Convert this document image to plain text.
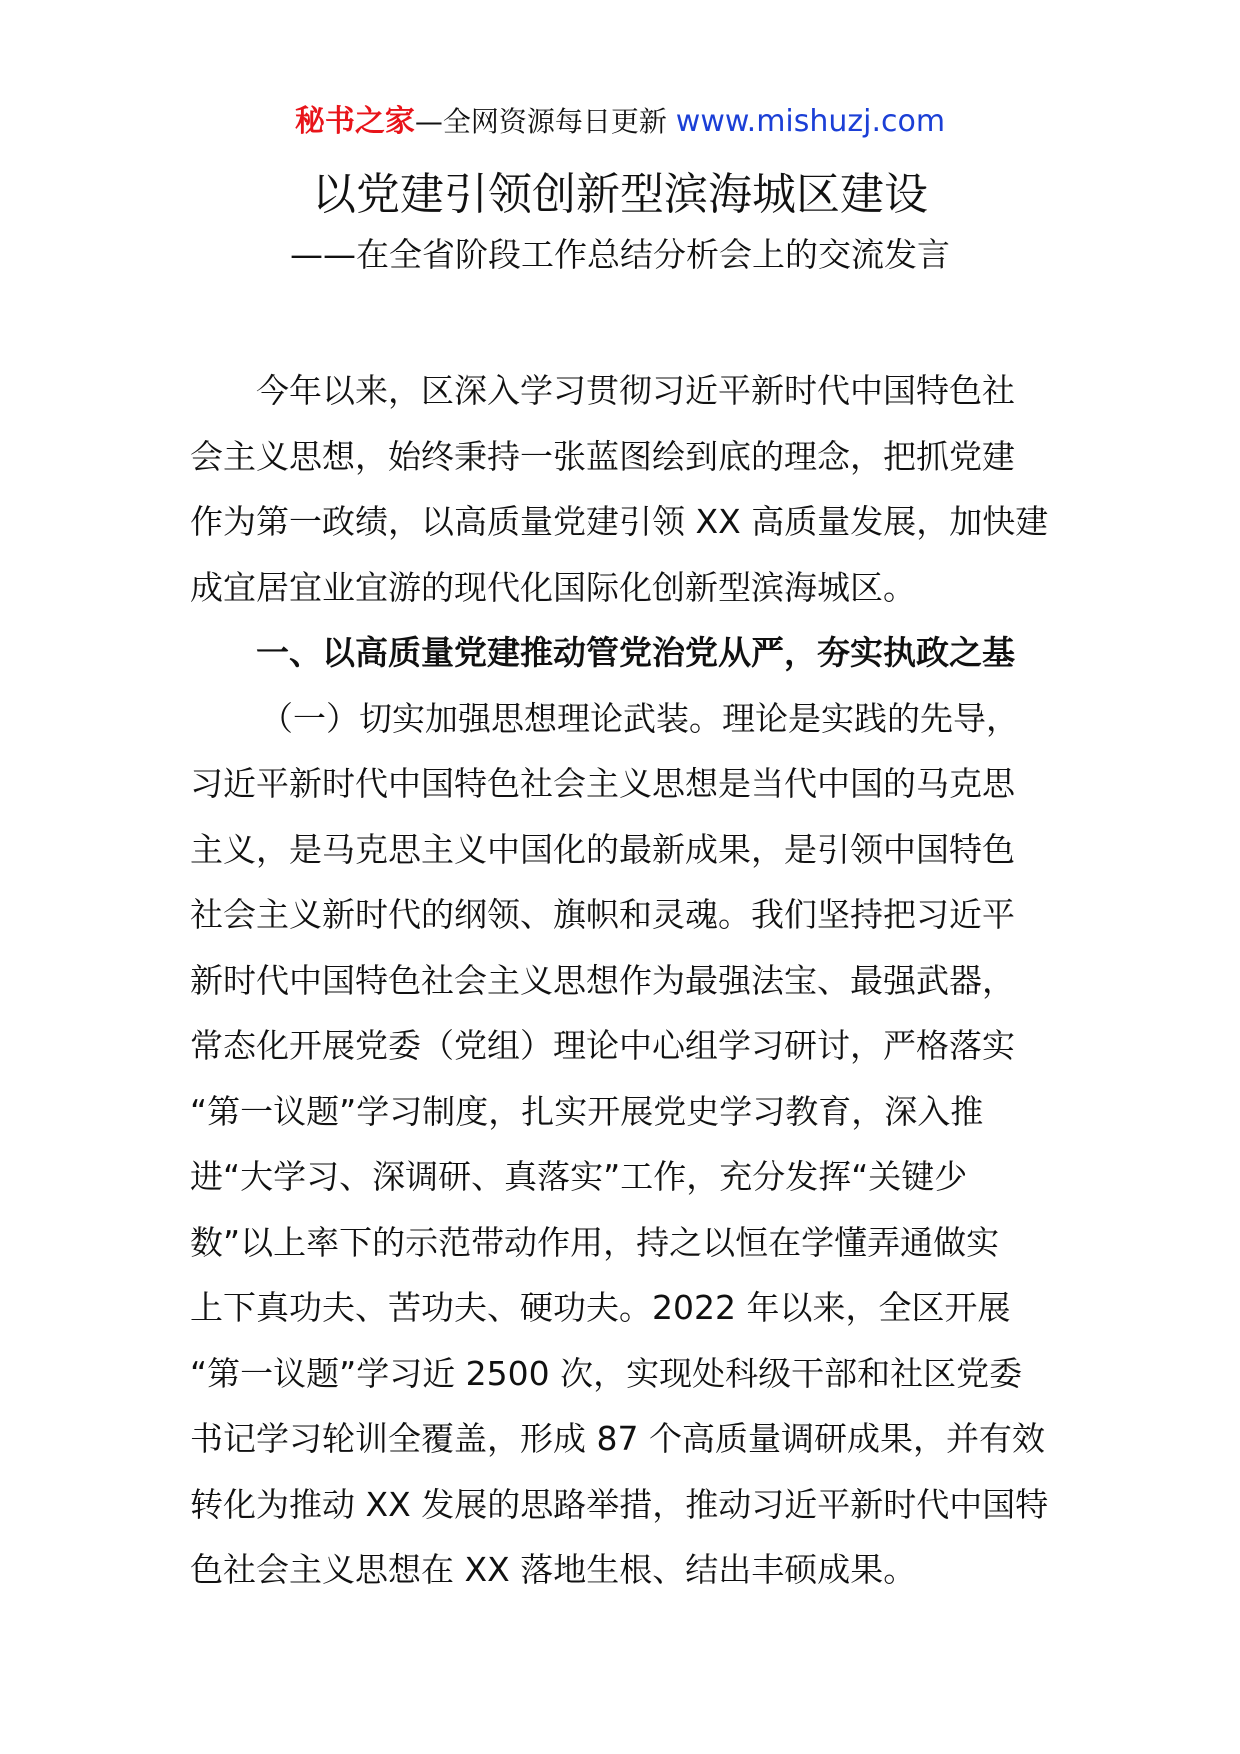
秘书之家—全网资源每日更新 www.mishuzj.com
以党建引领创新型滨海城区建设
——在全省阶段工作总结分析会上的交流发言
今年以来，区深入学习贯彻习近平新时代中国特色社
会主义思想，始终秉持一张蓝图绘到底的理念，把抓党建
作为第一政绩，以高质量党建引领 XX 高质量发展，加快建
成宜居宜业宜游的现代化国际化创新型滨海城区。
一、以高质量党建推动管党治党从严，夯实执政之基
（一）切实加强思想理论武装。理论是实践的先导，
习近平新时代中国特色社会主义思想是当代中国的马克思
主义，是马克思主义中国化的最新成果，是引领中国特色
社会主义新时代的纲领、旗帜和灵魂。我们坚持把习近平
新时代中国特色社会主义思想作为最强法宝、最强武器，
常态化开展党委（党组）理论中心组学习研讨，严格落实
“第一议题”学习制度，扎实开展党史学习教育，深入推
进“大学习、深调研、真落实”工作，充分发挥“关键少
数”以上率下的示范带动作用，持之以恒在学懂弄通做实
上下真功夫、苦功夫、硬功夫。2022 年以来，全区开展
“第一议题”学习近 2500 次，实现处科级干部和社区党委
书记学习轮训全覆盖，形成 87 个高质量调研成果，并有效
转化为推动 XX 发展的思路举措，推动习近平新时代中国特
色社会主义思想在 XX 落地生根、结出丰硕成果。
